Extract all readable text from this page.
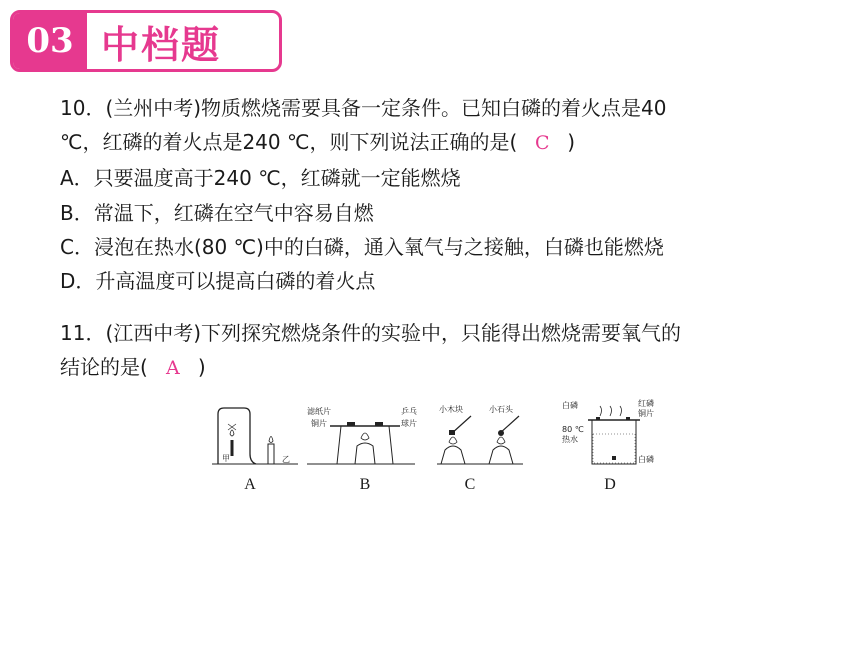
03 中档题
10．(兰州中考)物质燃烧需要具备一定条件。已知白磷的着火点是40
℃，红磷的着火点是240 ℃，则下列说法正确的是( C )
A．只要温度高于240 ℃，红磷就一定能燃烧
B．常温下，红磷在空气中容易自燃
C．浸泡在热水(80 ℃)中的白磷，通入氧气与之接触，白磷也能燃烧
D．升高温度可以提高白磷的着火点
11．(江西中考)下列探究燃烧条件的实验中，只能得出燃烧需要氧气的
结论的是( A )
甲	乙
A
滤纸片
铜片
乒乓
球片
B
小木块	小石头
C
白磷	红磷
铜片
80 ℃
热水
白磷
D
